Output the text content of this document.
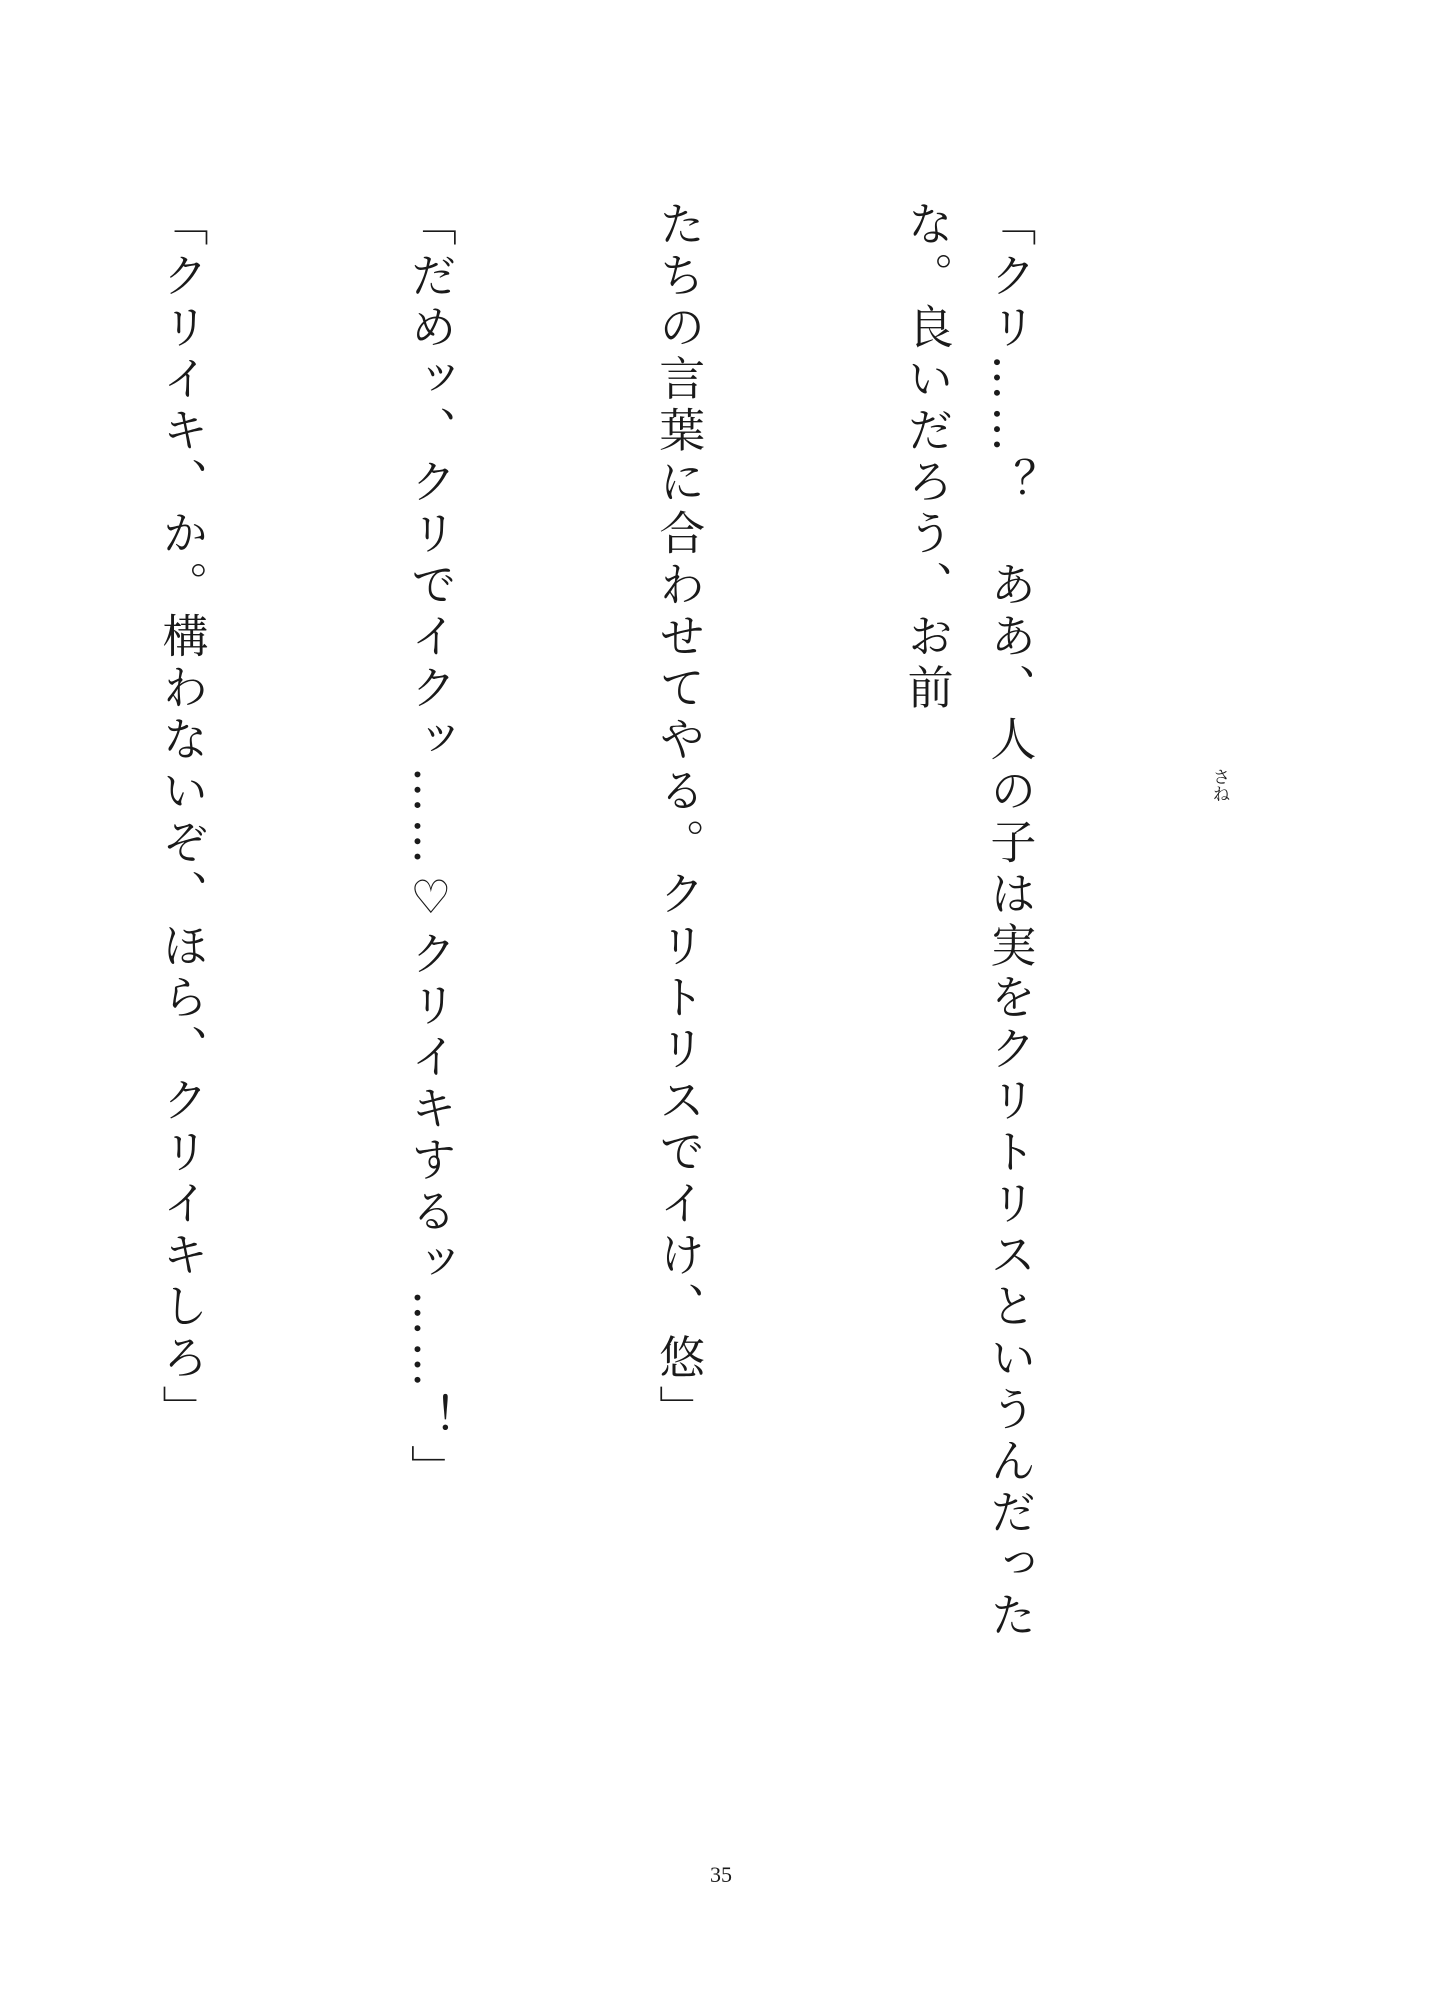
「クリ……？　ああ、人の子は実をクリトリスというんだったな。良いだろう、お前

たちの言葉に合わせてやる。クリトリスでイけ、悠」

「だめッ、クリでイクッ……♡クリイキするッ……！」

「クリイキ、か。構わないぞ、ほら、クリイキしろ」

	さね
35
